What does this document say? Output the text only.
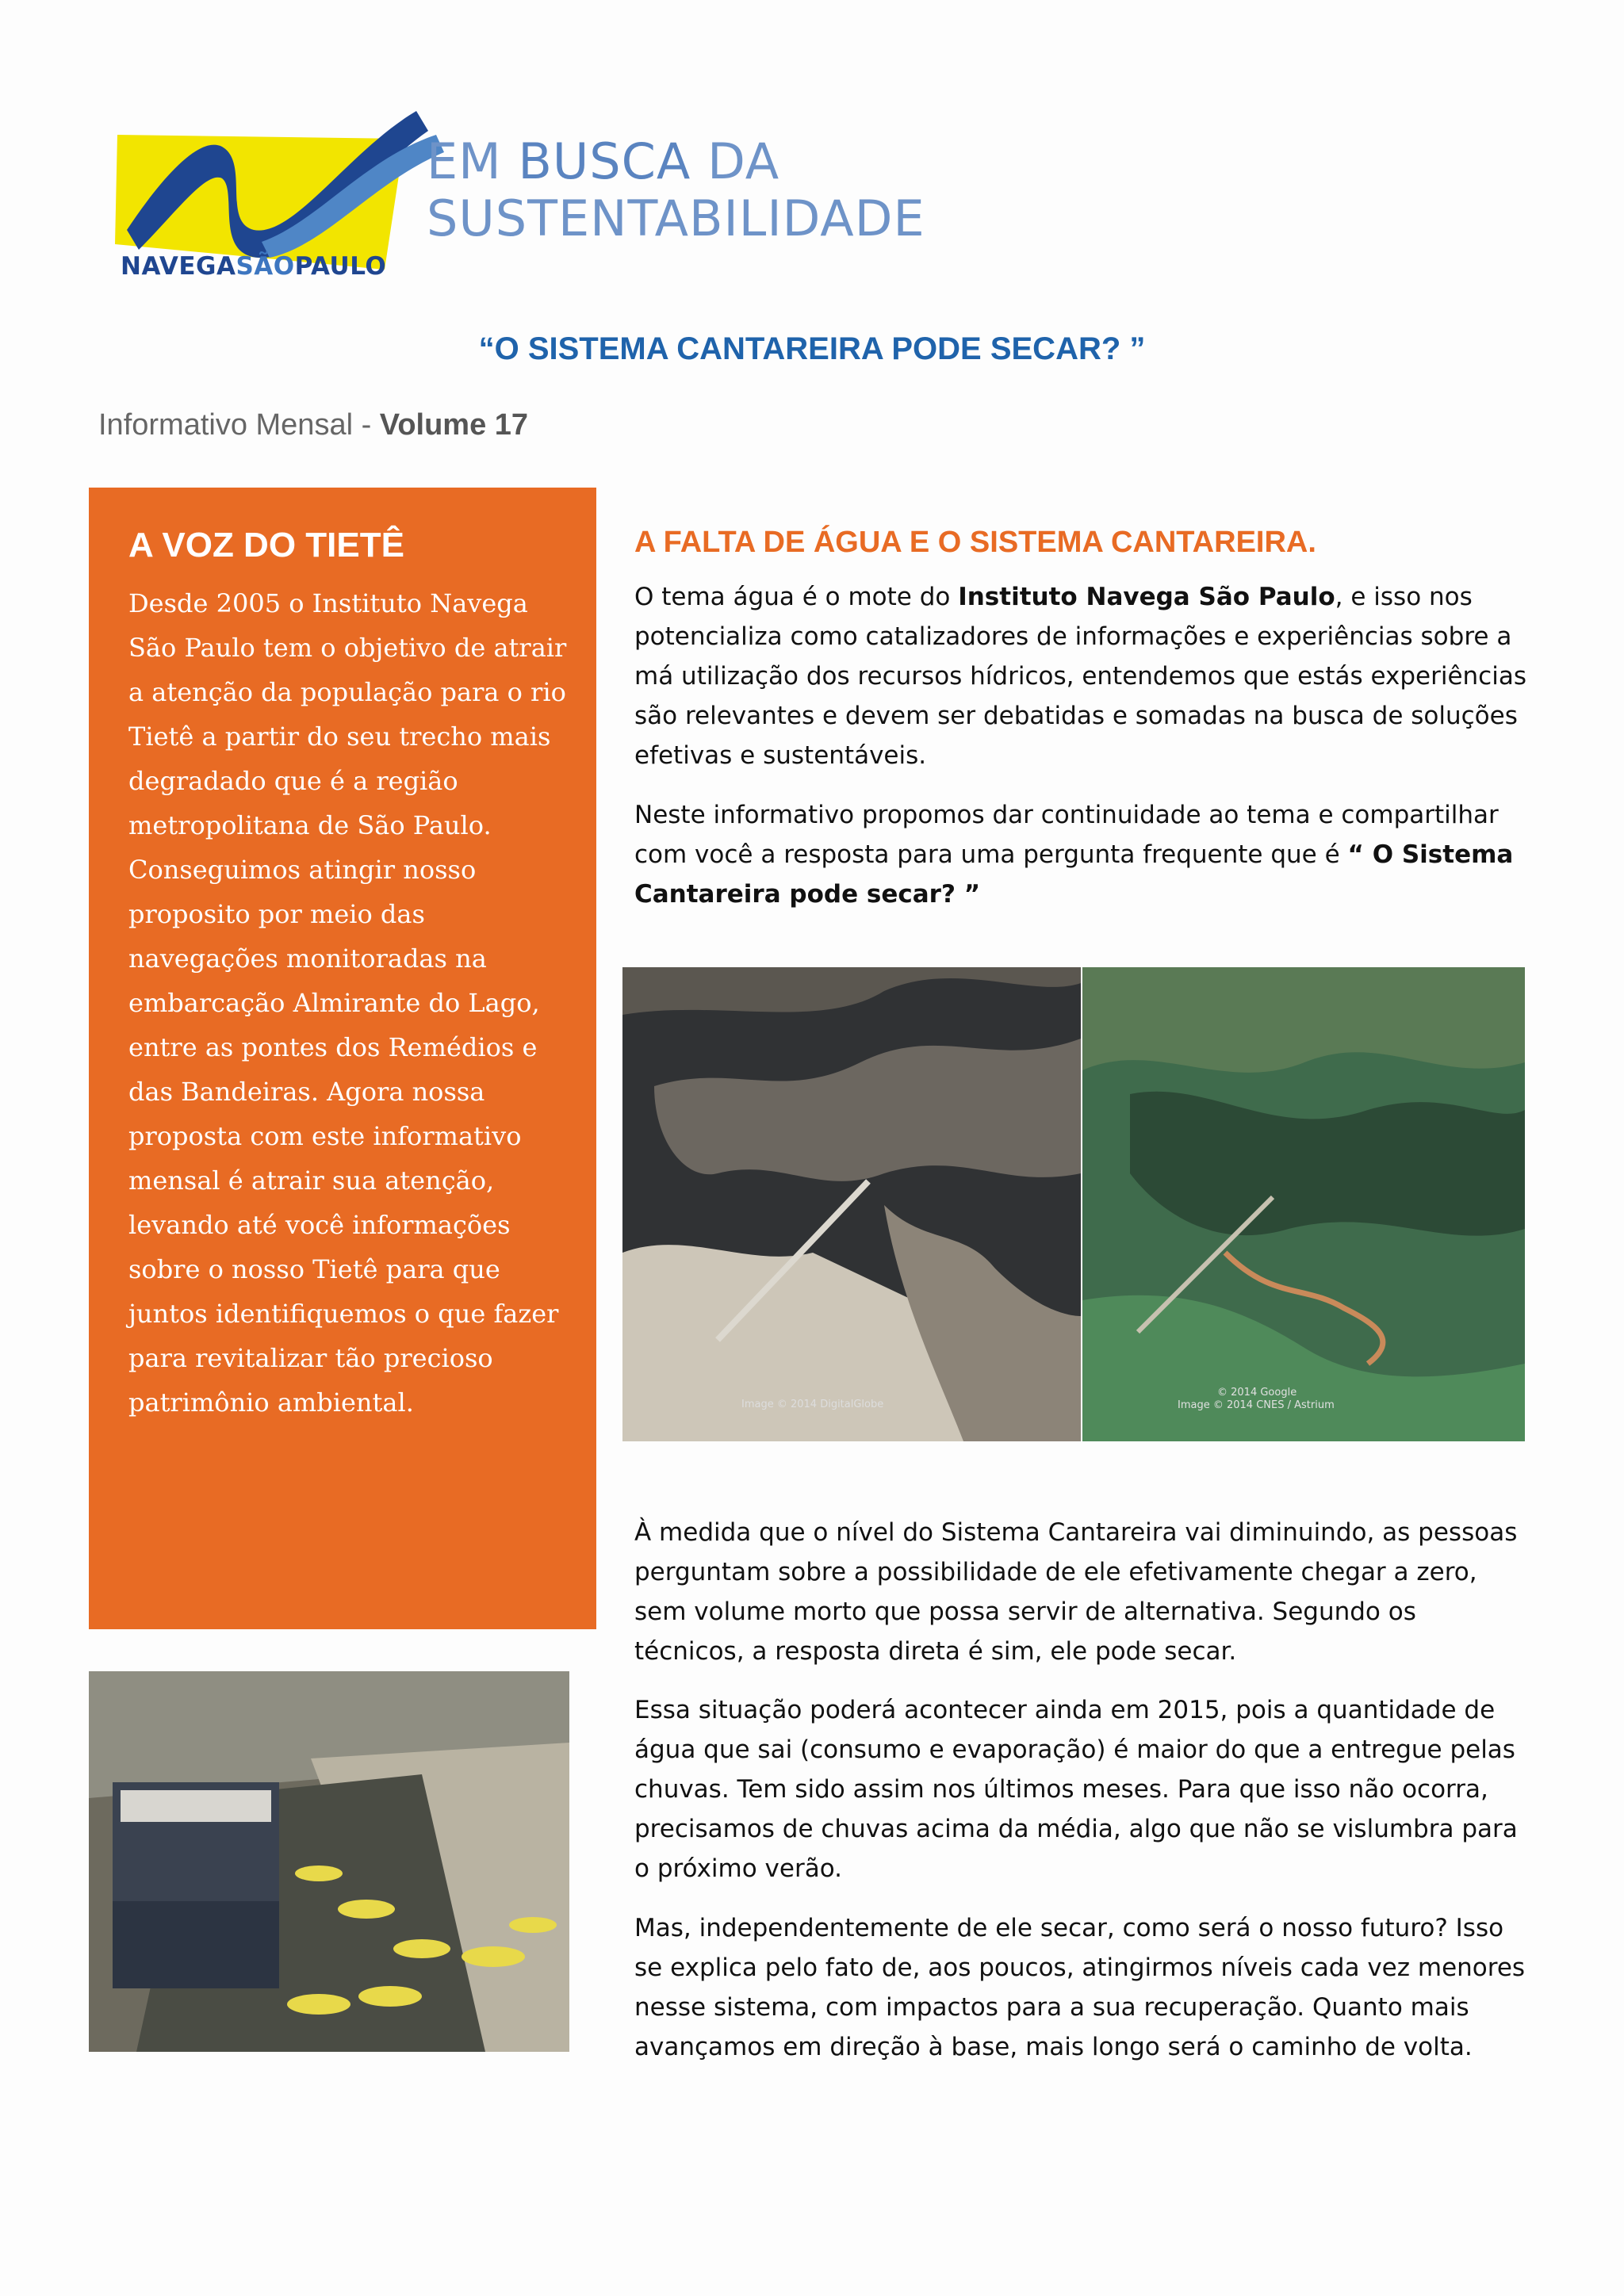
NAVEGASÃOPAULO
EM BUSCA DA
SUSTENTABILIDADE
“O SISTEMA CANTAREIRA PODE SECAR? ”
Informativo Mensal - Volume 17
A VOZ DO TIETÊ

Desde 2005 o Instituto Navega São Paulo tem o objetivo de atrair a atenção da população para o rio Tietê a partir do seu trecho mais degradado que é a região metropolitana de São Paulo. Conseguimos atingir nosso proposito por meio das navegações monitoradas na embarcação Almirante do Lago, entre as pontes dos Remédios e das Bandeiras. Agora nossa proposta com este informativo mensal é atrair sua atenção, levando até você informações sobre o nosso Tietê para que juntos identifiquemos o que fazer para revitalizar tão precioso patrimônio ambiental.

A FALTA DE ÁGUA E O SISTEMA CANTAREIRA.

O tema água é o mote do Instituto Navega São Paulo, e isso nos potencializa como catalizadores de informações e experiências sobre a má utilização dos recursos hídricos, entendemos que estás experiências são relevantes e devem ser debatidas e somadas na busca de soluções efetivas e sustentáveis.

Neste informativo propomos dar continuidade ao tema e compartilhar com você a resposta para uma pergunta frequente que é “ O Sistema Cantareira pode secar? ”

Image © 2014 DigitalGlobe
© 2014 Google
Image © 2014 CNES / Astrium

À medida que o nível do Sistema Cantareira vai diminuindo, as pessoas perguntam sobre a possibilidade de ele efetivamente chegar a zero, sem volume morto que possa servir de alternativa. Segundo os técnicos, a resposta direta é sim, ele pode secar.

Essa situação poderá acontecer ainda em 2015, pois a quantidade de água que sai (consumo e evaporação) é maior do que a entregue pelas chuvas. Tem sido assim nos últimos meses. Para que isso não ocorra, precisamos de chuvas acima da média, algo que não se vislumbra para o próximo verão.

Mas, independentemente de ele secar, como será o nosso futuro? Isso se explica pelo fato de, aos poucos, atingirmos níveis cada vez menores nesse sistema, com impactos para a sua recuperação. Quanto mais avançamos em direção à base, mais longo será o caminho de volta.
